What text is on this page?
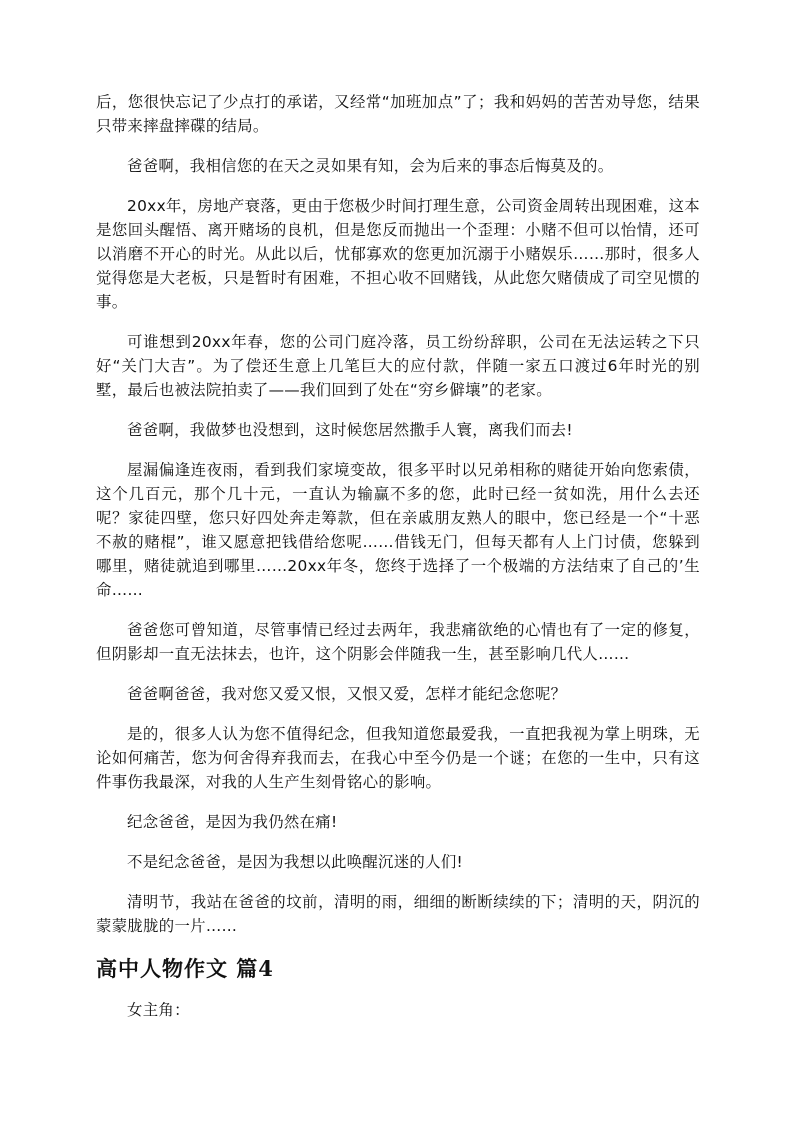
后，您很快忘记了少点打的承诺，又经常“加班加点”了；我和妈妈的苦苦劝导您，结果只带来摔盘摔碟的结局。

爸爸啊，我相信您的在天之灵如果有知，会为后来的事态后悔莫及的。

20xx年，房地产衰落，更由于您极少时间打理生意，公司资金周转出现困难，这本是您回头醒悟、离开赌场的良机，但是您反而抛出一个歪理：小赌不但可以怡情，还可以消磨不开心的时光。从此以后，忧郁寡欢的您更加沉溺于小赌娱乐……那时，很多人觉得您是大老板，只是暂时有困难，不担心收不回赌钱，从此您欠赌债成了司空见惯的事。

可谁想到20xx年春，您的公司门庭冷落，员工纷纷辞职，公司在无法运转之下只好“关门大吉”。为了偿还生意上几笔巨大的应付款，伴随一家五口渡过6年时光的别墅，最后也被法院拍卖了——我们回到了处在“穷乡僻壤”的老家。

爸爸啊，我做梦也没想到，这时候您居然撒手人寰，离我们而去!

屋漏偏逢连夜雨，看到我们家境变故，很多平时以兄弟相称的赌徒开始向您索债，这个几百元，那个几十元，一直认为输赢不多的您，此时已经一贫如洗，用什么去还呢？家徒四壁，您只好四处奔走筹款，但在亲戚朋友熟人的眼中，您已经是一个“十恶不赦的赌棍”，谁又愿意把钱借给您呢……借钱无门，但每天都有人上门讨债，您躲到哪里，赌徒就追到哪里……20xx年冬，您终于选择了一个极端的方法结束了自己的’生命……

爸爸您可曾知道，尽管事情已经过去两年，我悲痛欲绝的心情也有了一定的修复，但阴影却一直无法抹去，也许，这个阴影会伴随我一生，甚至影响几代人……

爸爸啊爸爸，我对您又爱又恨，又恨又爱，怎样才能纪念您呢？

是的，很多人认为您不值得纪念，但我知道您最爱我，一直把我视为掌上明珠，无论如何痛苦，您为何舍得弃我而去，在我心中至今仍是一个谜；在您的一生中，只有这件事伤我最深，对我的人生产生刻骨铭心的影响。

纪念爸爸，是因为我仍然在痛!

不是纪念爸爸，是因为我想以此唤醒沉迷的人们!

清明节，我站在爸爸的坟前，清明的雨，细细的断断续续的下；清明的天，阴沉的蒙蒙胧胧的一片……

高中人物作文 篇4

女主角：
